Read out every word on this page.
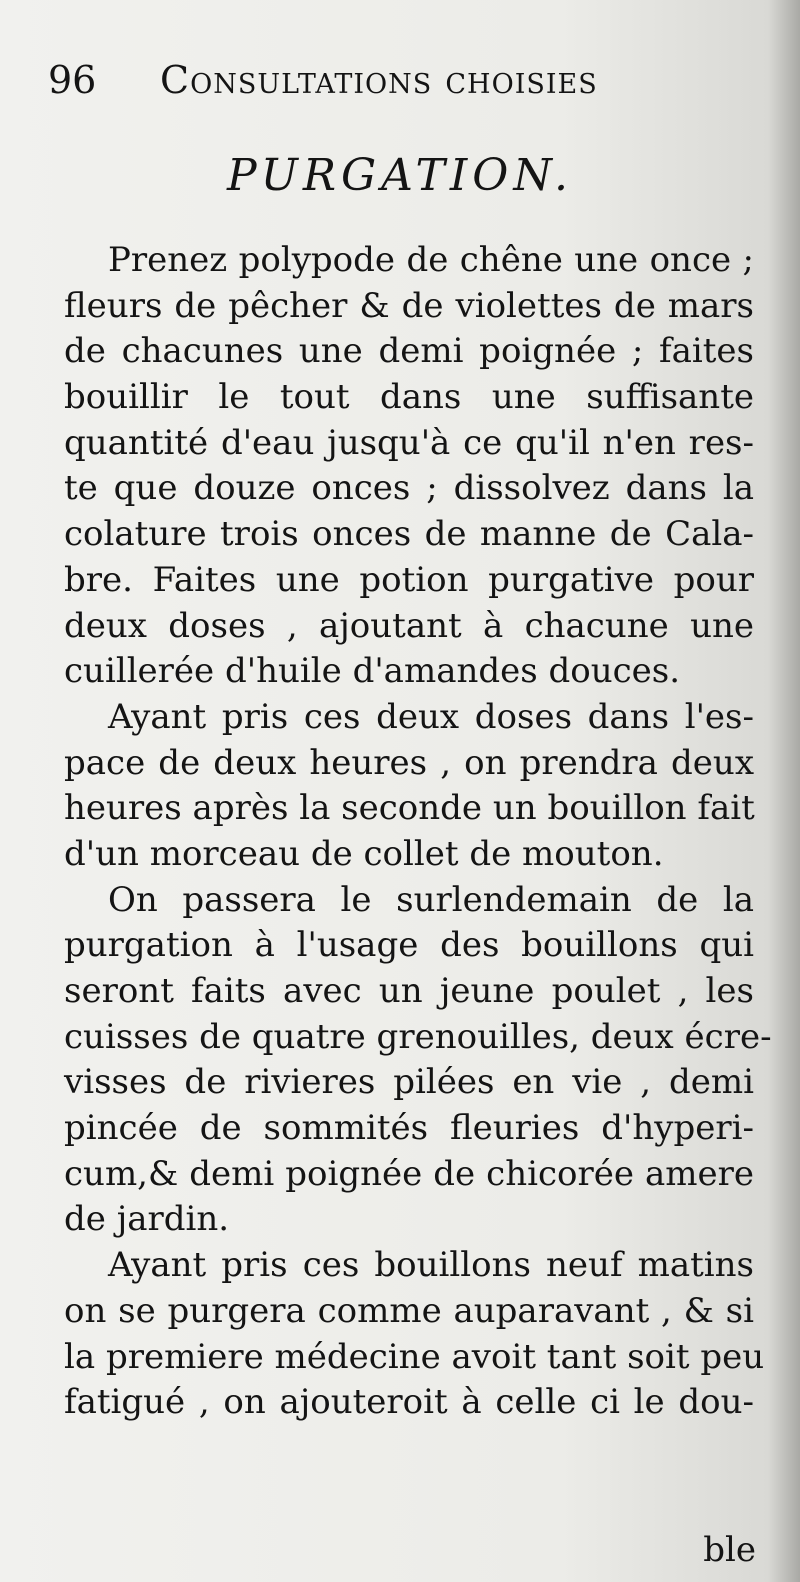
96 Consultations choisies
PURGATION.
Prenez polypode de chêne une once ;
fleurs de pêcher & de violettes de mars
de chacunes une demi poignée ; faites
bouillir le tout dans une suffisante
quantité d'eau jusqu'à ce qu'il n'en res-
te que douze onces ; dissolvez dans la
colature trois onces de manne de Cala-
bre. Faites une potion purgative pour
deux doses , ajoutant à chacune une
cuillerée d'huile d'amandes douces.
Ayant pris ces deux doses dans l'es-
pace de deux heures , on prendra deux
heures après la seconde un bouillon fait
d'un morceau de collet de mouton.
On passera le surlendemain de la
purgation à l'usage des bouillons qui
seront faits avec un jeune poulet , les
cuisses de quatre grenouilles, deux écre-
visses de rivieres pilées en vie , demi
pincée de sommités fleuries d'hyperi-
cum,& demi poignée de chicorée amere
de jardin.
Ayant pris ces bouillons neuf matins
on se purgera comme auparavant , & si
la premiere médecine avoit tant soit peu
fatigué , on ajouteroit à celle ci le dou-
ble
